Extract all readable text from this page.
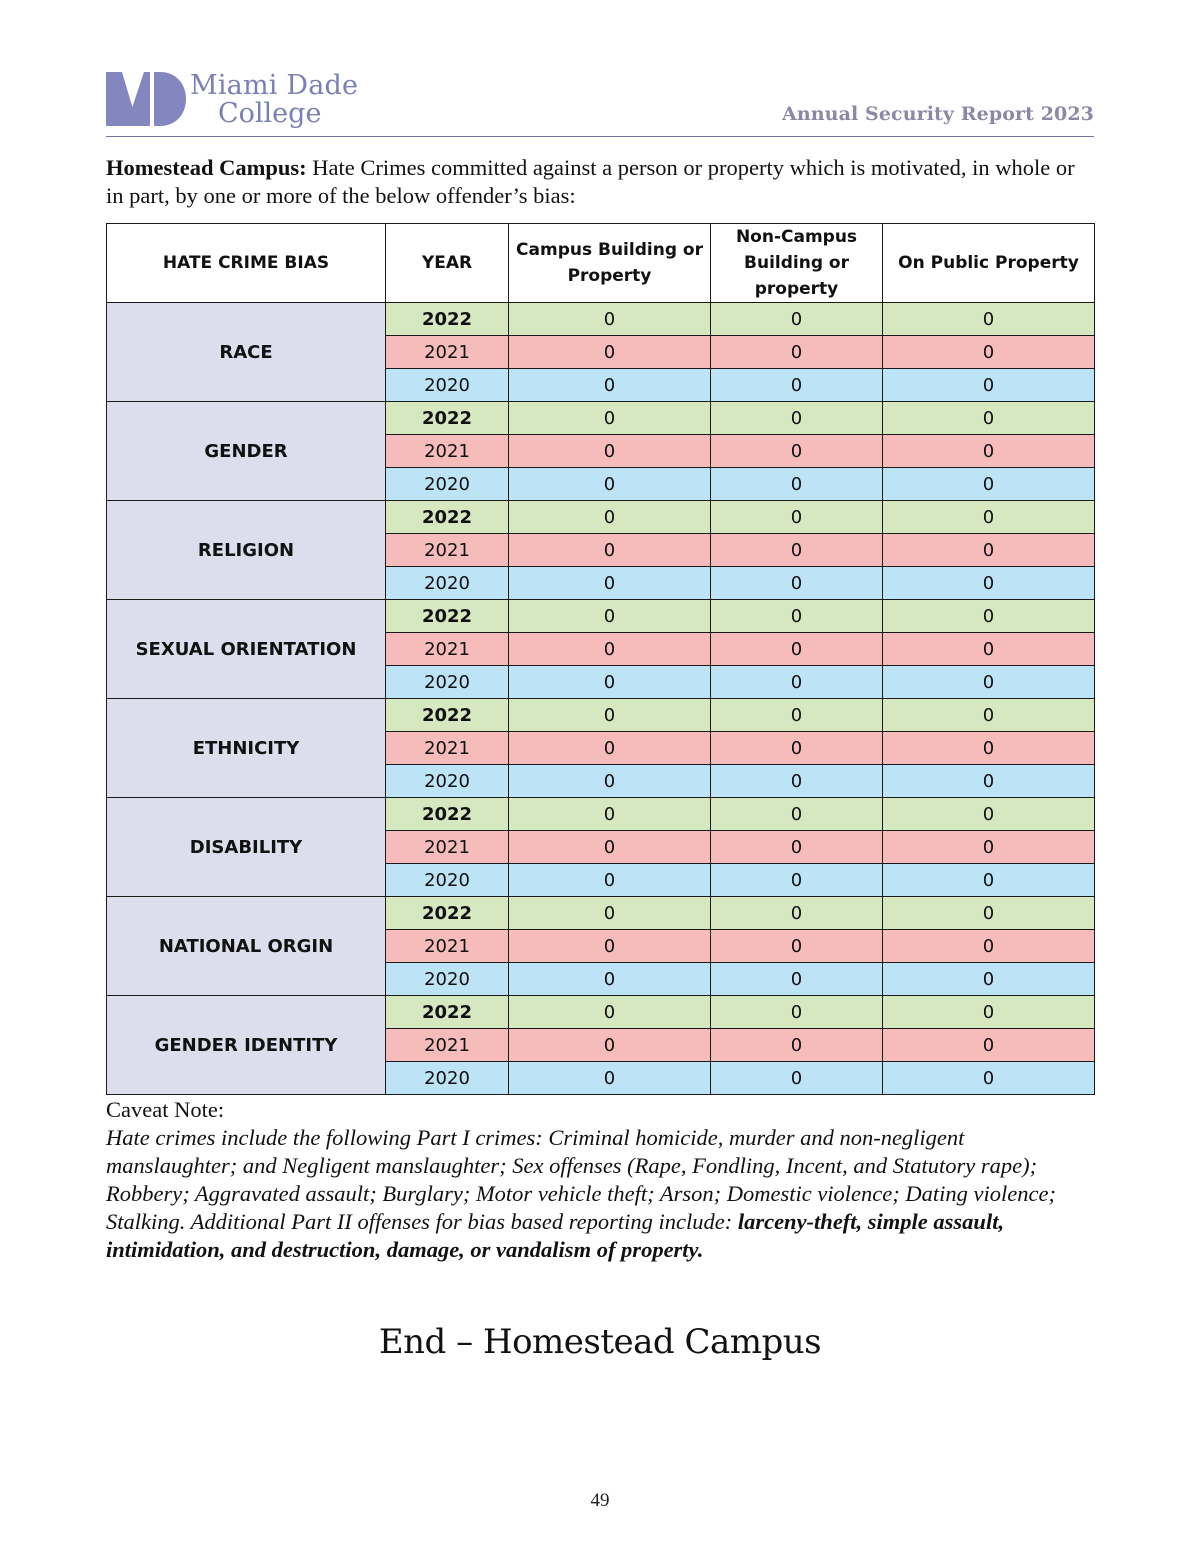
Miami Dade
College	Annual Security Report 2023
Homestead Campus: Hate Crimes committed against a person or property which is motivated, in whole or in part, by one or more of the below offender’s bias:
HATE CRIME BIAS	YEAR	Campus Building or Property	Non-Campus Building or property	On Public Property
RACE	2022	0	0	0
	2021	0	0	0
	2020	0	0	0
GENDER	2022	0	0	0
	2021	0	0	0
	2020	0	0	0
RELIGION	2022	0	0	0
	2021	0	0	0
	2020	0	0	0
SEXUAL ORIENTATION	2022	0	0	0
	2021	0	0	0
	2020	0	0	0
ETHNICITY	2022	0	0	0
	2021	0	0	0
	2020	0	0	0
DISABILITY	2022	0	0	0
	2021	0	0	0
	2020	0	0	0
NATIONAL ORGIN	2022	0	0	0
	2021	0	0	0
	2020	0	0	0
GENDER IDENTITY	2022	0	0	0
	2021	0	0	0
	2020	0	0	0
Caveat Note:
Hate crimes include the following Part I crimes: Criminal homicide, murder and non-negligent manslaughter; and Negligent manslaughter; Sex offenses (Rape, Fondling, Incent, and Statutory rape); Robbery; Aggravated assault; Burglary; Motor vehicle theft; Arson; Domestic violence; Dating violence; Stalking. Additional Part II offenses for bias based reporting include: larceny-theft, simple assault, intimidation, and destruction, damage, or vandalism of property.
End – Homestead Campus
49
